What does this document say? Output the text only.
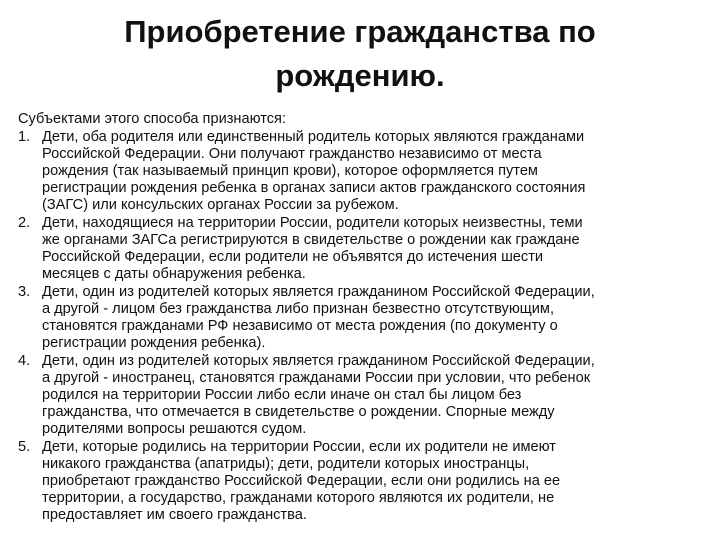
Приобретение гражданства по
рождению.
Субъектами этого способа признаются:
1. Дети, оба родителя или единственный родитель которых являются гражданами
Российской Федерации. Они получают гражданство независимо от места
рождения (так называемый принцип крови), которое оформляется путем
регистрации рождения ребенка в органах записи актов гражданского состояния
(ЗАГС) или консульских органах России за рубежом.
2. Дети, находящиеся на территории России, родители которых неизвестны, теми
же органами ЗАГСа регистрируются в свидетельстве о рождении как граждане
Российской Федерации, если родители не объявятся до истечения шести
месяцев с даты обнаружения ребенка.
3. Дети, один из родителей которых является гражданином Российской Федерации,
а другой - лицом без гражданства либо признан безвестно отсутствующим,
становятся гражданами РФ независимо от места рождения (по документу о
регистрации рождения ребенка).
4. Дети, один из родителей которых является гражданином Российской Федерации,
а другой - иностранец, становятся гражданами России при условии, что ребенок
родился на территории России либо если иначе он стал бы лицом без
гражданства, что отмечается в свидетельстве о рождении. Спорные между
родителями вопросы решаются судом.
5. Дети, которые родились на территории России, если их родители не имеют
никакого гражданства (апатриды); дети, родители которых иностранцы,
приобретают гражданство Российской Федерации, если они родились на ее
территории, а государство, гражданами которого являются их родители, не
предоставляет им своего гражданства.
